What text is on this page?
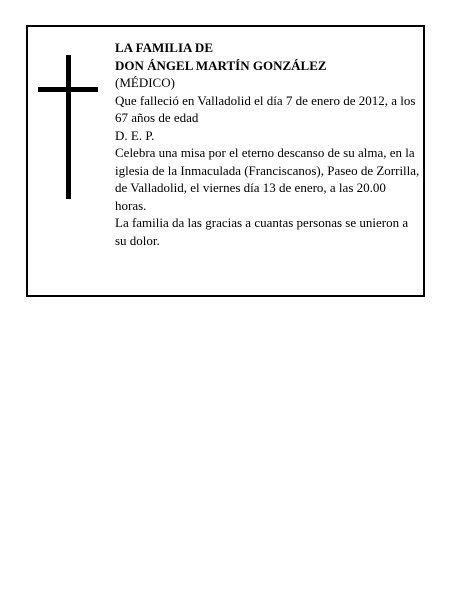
LA FAMILIA DE

DON ÁNGEL MARTÍN GONZÁLEZ

(MÉDICO)

Que falleció en Valladolid el día 7 de enero de 2012, a los 67 años de edad

D. E. P.

Celebra una misa por el eterno descanso de su alma, en la iglesia de la Inmaculada (Franciscanos), Paseo de Zorrilla, de Valladolid, el viernes día 13 de enero, a las 20.00 horas.

La familia da las gracias a cuantas personas se unieron a su dolor.
